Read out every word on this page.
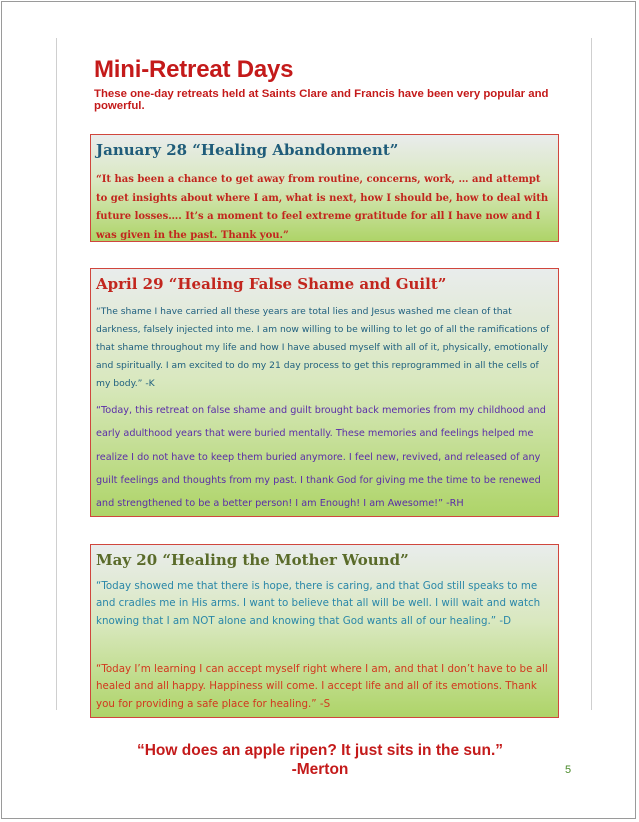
Mini-Retreat Days

These one-day retreats held at Saints Clare and Francis have been very popular and powerful.

January 28 “Healing Abandonment”

“It has been a chance to get away from routine, concerns, work, … and attempt to get insights about where I am, what is next, how I should be, how to deal with future losses…. It’s a moment to feel extreme gratitude for all I have now and I was given in the past. Thank you.”

April 29 “Healing False Shame and Guilt”

“The shame I have carried all these years are total lies and Jesus washed me clean of that darkness, falsely injected into me. I am now willing to be willing to let go of all the ramifications of that shame throughout my life and how I have abused myself with all of it, physically, emotionally and spiritually. I am excited to do my 21 day process to get this reprogrammed in all the cells of my body.” -K

“Today, this retreat on false shame and guilt brought back memories from my childhood and early adulthood years that were buried mentally. These memories and feelings helped me realize I do not have to keep them buried anymore. I feel new, revived, and released of any guilt feelings and thoughts from my past. I thank God for giving me the time to be renewed and strengthened to be a better person! I am Enough! I am Awesome!” -RH

May 20 “Healing the Mother Wound”

“Today showed me that there is hope, there is caring, and that God still speaks to me and cradles me in His arms. I want to believe that all will be well. I will wait and watch knowing that I am NOT alone and knowing that God wants all of our healing.” -D

“Today I’m learning I can accept myself right where I am, and that I don’t have to be all healed and all happy. Happiness will come. I accept life and all of its emotions. Thank you for providing a safe place for healing.” -S

“How does an apple ripen? It just sits in the sun.”
-Merton	5
